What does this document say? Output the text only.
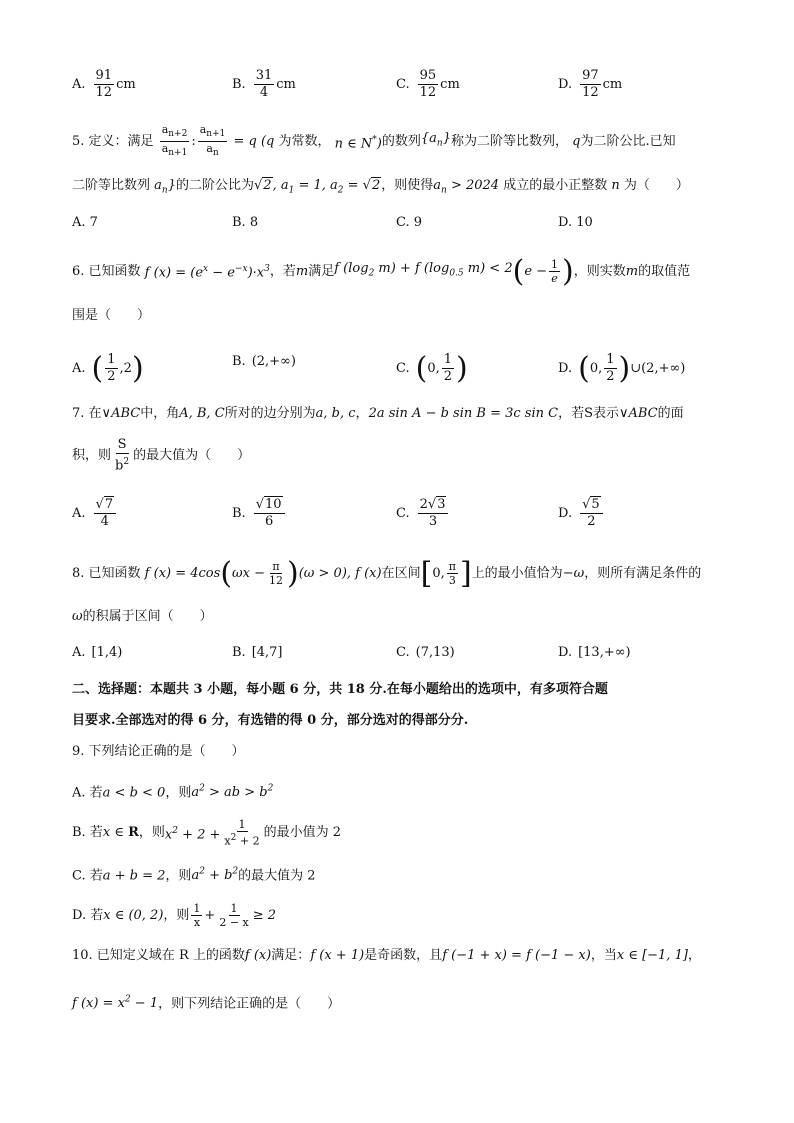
A. $\frac{91}{12}$ cm	B. $\frac{31}{4}$ cm	C. $\frac{95}{12}$ cm	D. $\frac{97}{12}$ cm
5. 定义：满足
$\frac{a_{n+2}}{a_{n+1}}$ : $\frac{a_{n+1}}{a_n} = q$ (q 为常数， n ∈ N*) 的数列 $\{a_n\}$ 称为二阶等比数列， q 为二阶公比.已知
二阶等比数列 $a_n$}的二阶公比为√2, $a_1 = 1$, $a_2 = √2$，则使得$a_n > 2024$ 成立的最小正整数 n 为（　　）
A. 7	B. 8	C. 9	D. 10
6. 已知函数 f $(x) = (e^x - e^{-x})\cdot x^3$ ，若 m 满足 f ($\log_2$ m) + f ($\log_{0.5}$ m) < 2 ( $e - \frac{1}{e}$ ) ，则实数 m 的取值范
围是（　　）
A. ( $\frac{1}{2} ,2$ )	B. (2,+∞)	C. ( 0, $\frac{1}{2}$ )	D. ( 0, $\frac{1}{2}$ ) ∪(2,+∞)
7. 在∨ABC中，角A, B, C所对的边分别为a, b, c，2a sin A − b sin B = 3c sin C，若S表示∨ABC的面
积，则 $\frac{S}{b^2}$ 的最大值为（　　）
A. $\frac{√7}{4}$	B. $\frac{√10}{6}$	C. $\frac{2√3}{3}$	D. $\frac{√5}{2}$
8. 已知函数 f (x) = 4cos ( $\omega x - \frac{\pi}{12}$ ) (ω > 0), f (x) 在区间 [ 0, $\frac{\pi}{3}$ ] 上的最小值恰为 −ω ，则所有满足条件的
ω的积属于区间（　　）
A. [1,4)	B. [4,7]	C. (7,13)	D. [13,+∞)
二、选择题：本题共 3 小题，每小题 6 分，共 18 分.在每小题给出的选项中，有多项符合题
目要求.全部选对的得 6 分，有选错的得 0 分，部分选对的得部分分.
9. 下列结论正确的是（　　）
A. 若a < b < 0，则$a^2$ > ab > $b^2$
B. 若 x ∈ R ，则 $x^2 + 2 + \frac{1}{x^2 + 2}$ 的最小值为 2
C. 若a + b = 2，则$a^2 + b^2$的最大值为 2
D. 若 x ∈ (0, 2) ，则 $\frac{1}{x} + \frac{1}{2 - x} \ge 2$
10. 已知定义域在 R 上的函数f (x)满足：f (x + 1)是奇函数，且f (−1 + x) = f (−1 − x)，当x ∈ [−1, 1]，
f $(x) = x^2 - 1$，则下列结论正确的是（　　）
